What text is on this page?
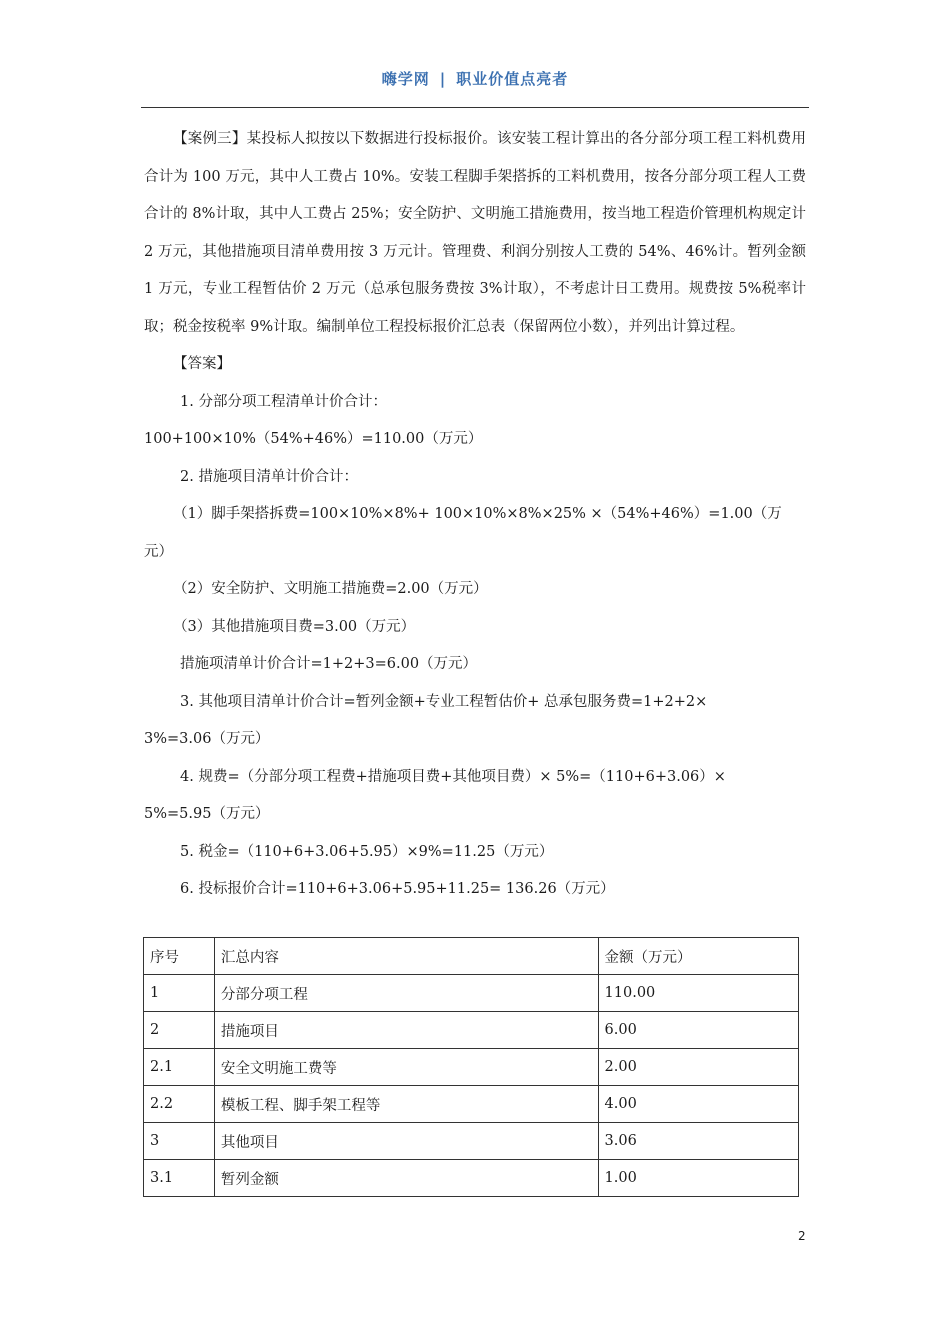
嗨学网 | 职业价值点亮者

【案例三】某投标人拟按以下数据进行投标报价。该安装工程计算出的各分部分项工程工料机费用合计为 100 万元，其中人工费占 10%。安装工程脚手架搭拆的工料机费用，按各分部分项工程人工费合计的 8%计取，其中人工费占 25%；安全防护、文明施工措施费用，按当地工程造价管理机构规定计 2 万元，其他措施项目清单费用按 3 万元计。管理费、利润分别按人工费的 54%、46%计。暂列金额 1 万元，专业工程暂估价 2 万元（总承包服务费按 3%计取），不考虑计日工费用。规费按 5%税率计取；税金按税率 9%计取。编制单位工程投标报价汇总表（保留两位小数），并列出计算过程。

【答案】

1. 分部分项工程清单计价合计：

100+100×10%（54%+46%）=110.00（万元）

2. 措施项目清单计价合计：

（1）脚手架搭拆费=100×10%×8%+ 100×10%×8%×25% ×（54%+46%）=1.00（万

元）

（2）安全防护、文明施工措施费=2.00（万元）

（3）其他措施项目费=3.00（万元）

措施项清单计价合计=1+2+3=6.00（万元）

3. 其他项目清单计价合计=暂列金额+专业工程暂估价+ 总承包服务费=1+2+2×

3%=3.06（万元）

4. 规费=（分部分项工程费+措施项目费+其他项目费）× 5%=（110+6+3.06）×

5%=5.95（万元）

5. 税金=（110+6+3.06+5.95）×9%=11.25（万元）

6. 投标报价合计=110+6+3.06+5.95+11.25= 136.26（万元）

序号	汇总内容	金额（万元）
1	分部分项工程	110.00
2	措施项目	6.00
2.1	安全文明施工费等	2.00
2.2	模板工程、脚手架工程等	4.00
3	其他项目	3.06
3.1	暂列金额	1.00
2
